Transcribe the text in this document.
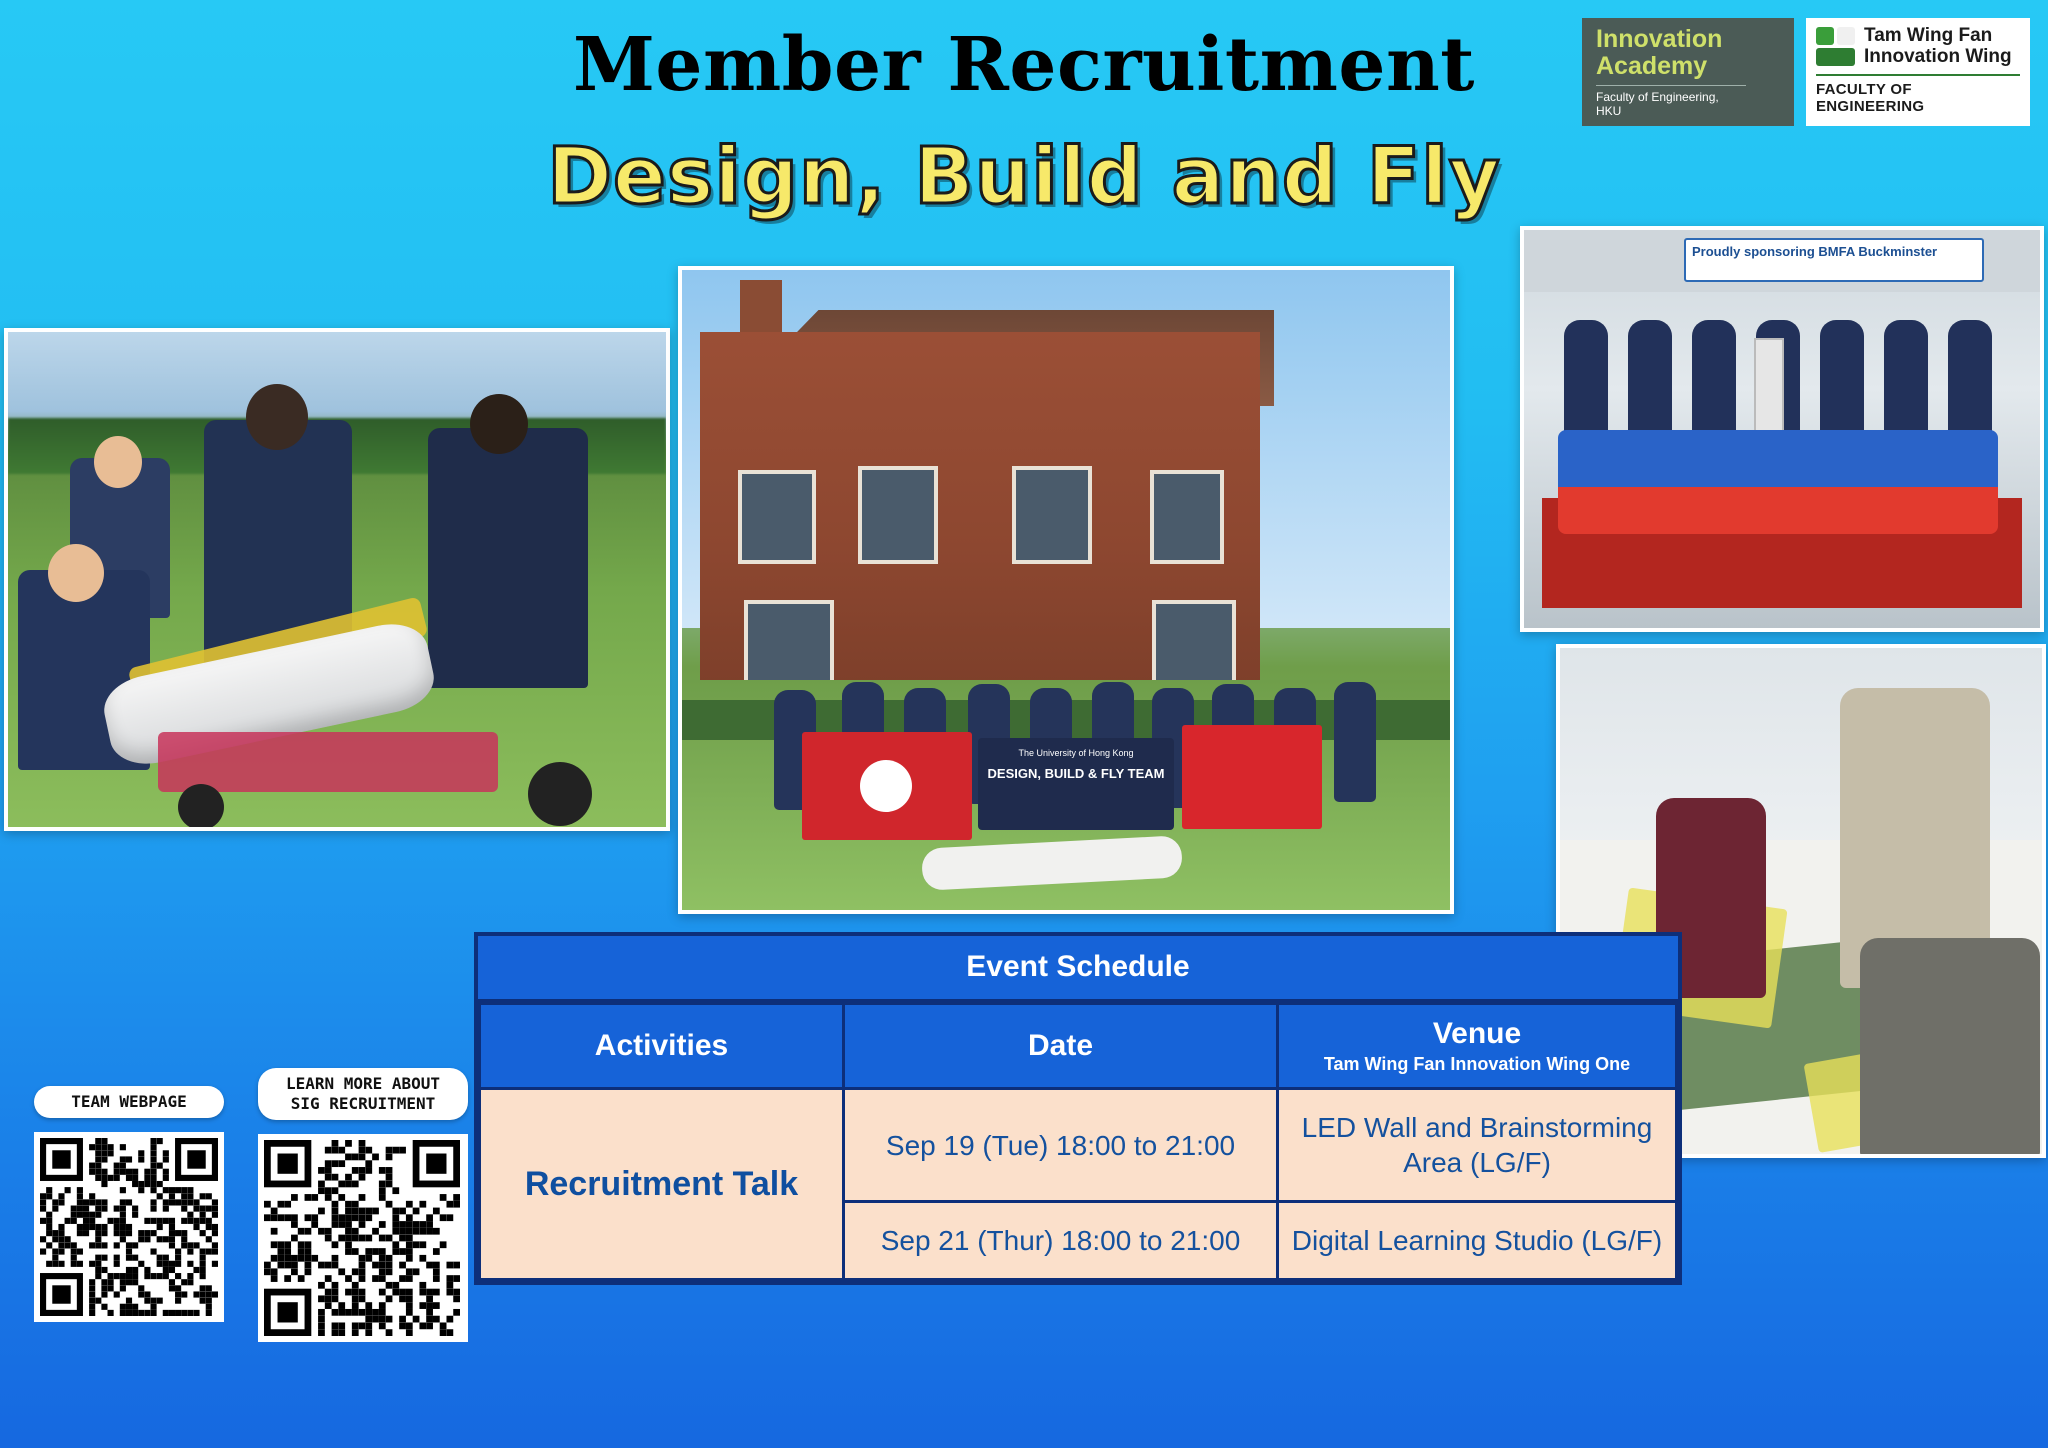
Member Recruitment
Design, Build and Fly
Innovation Academy
Faculty of Engineering, HKU
Tam Wing Fan Innovation Wing
FACULTY OF ENGINEERING
The University of Hong Kong
DESIGN, BUILD & FLY TEAM
Proudly sponsoring BMFA Buckminster
Event Schedule
Activities	Date	Venue
Tam Wing Fan Innovation Wing One

Recruitment Talk	Sep 19 (Tue) 18:00 to 21:00	LED Wall and Brainstorming Area (LG/F)
	Sep 21 (Thur) 18:00 to 21:00	Digital Learning Studio (LG/F)
TEAM WEBPAGE
LEARN MORE ABOUT SIG RECRUITMENT
